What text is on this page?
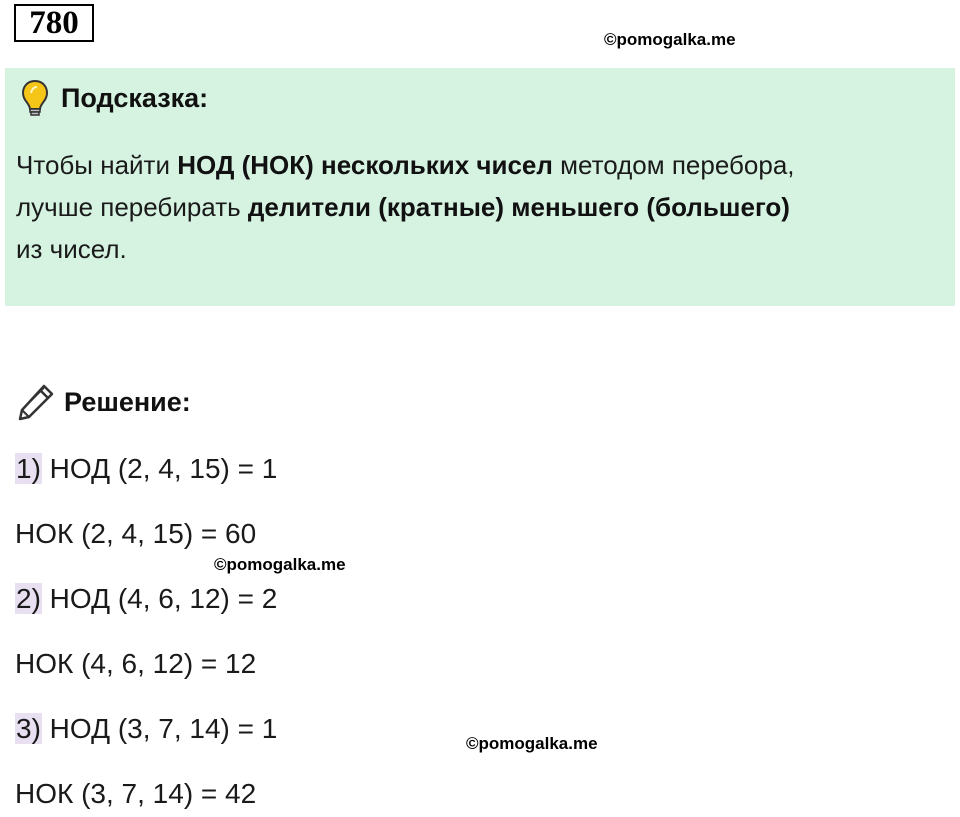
780	©pomogalka.me
Подсказка:
Чтобы найти НОД (НОК) нескольких чисел методом перебора,
лучше перебирать делители (кратные) меньшего (большего)
из чисел.
Решение:
1) НОД (2, 4, 15) = 1
НОК (2, 4, 15) = 60
©pomogalka.me
2) НОД (4, 6, 12) = 2
НОК (4, 6, 12) = 12
3) НОД (3, 7, 14) = 1	©pomogalka.me
НОК (3, 7, 14) = 42
